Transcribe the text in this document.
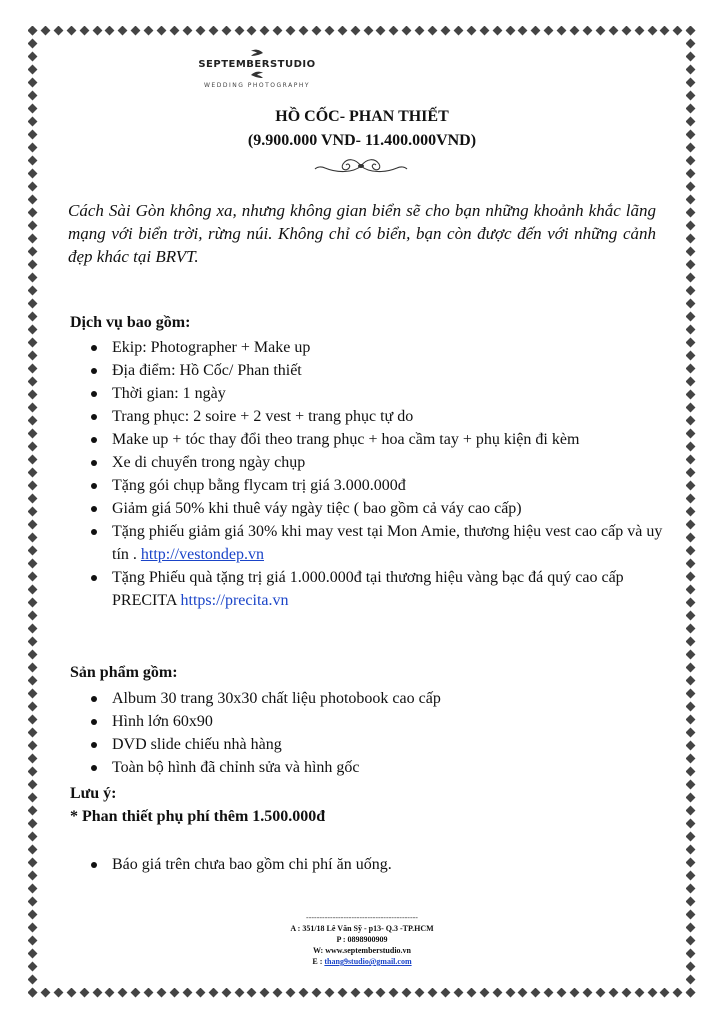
SEPTEMBERSTUDIO
WEDDING PHOTOGRAPHY
HỒ CỐC- PHAN THIẾT
(9.900.000 VND- 11.400.000VND)
Cách Sài Gòn không xa, nhưng không gian biển sẽ cho bạn những khoảnh khắc lãng mạng với biển trời, rừng núi. Không chỉ có biển, bạn còn được đến với những cảnh đẹp khác tại BRVT.
Dịch vụ bao gồm:
Ekip: Photographer + Make up
Địa điểm: Hồ Cốc/ Phan thiết
Thời gian: 1 ngày
Trang phục: 2 soire + 2 vest + trang phục tự do
Make up + tóc thay đổi theo trang phục + hoa cầm tay + phụ kiện đi kèm
Xe di chuyển trong ngày chụp
Tặng gói chụp bằng flycam trị giá 3.000.000đ
Giảm giá 50% khi thuê váy ngày tiệc ( bao gồm cả váy cao cấp)
Tặng phiếu giảm giá 30% khi may vest tại Mon Amie, thương hiệu vest cao cấp và uy tín . http://vestondep.vn
Tặng Phiếu quà tặng trị giá 1.000.000đ tại thương hiệu vàng bạc đá quý cao cấp PRECITA https://precita.vn
Sản phẩm gồm:
Album 30 trang 30x30 chất liệu photobook cao cấp
Hình lớn 60x90
DVD slide chiếu nhà hàng
Toàn bộ hình đã chỉnh sửa và hình gốc
Lưu ý:
* Phan thiết phụ phí thêm 1.500.000đ
Báo giá trên chưa bao gồm chi phí ăn uống.
------------------------------------------
A : 351/18 Lê Văn Sỹ - p13- Q.3 -TP.HCM
P : 0898900909
W: www.septemberstudio.vn
E : thang9studio@gmail.com
